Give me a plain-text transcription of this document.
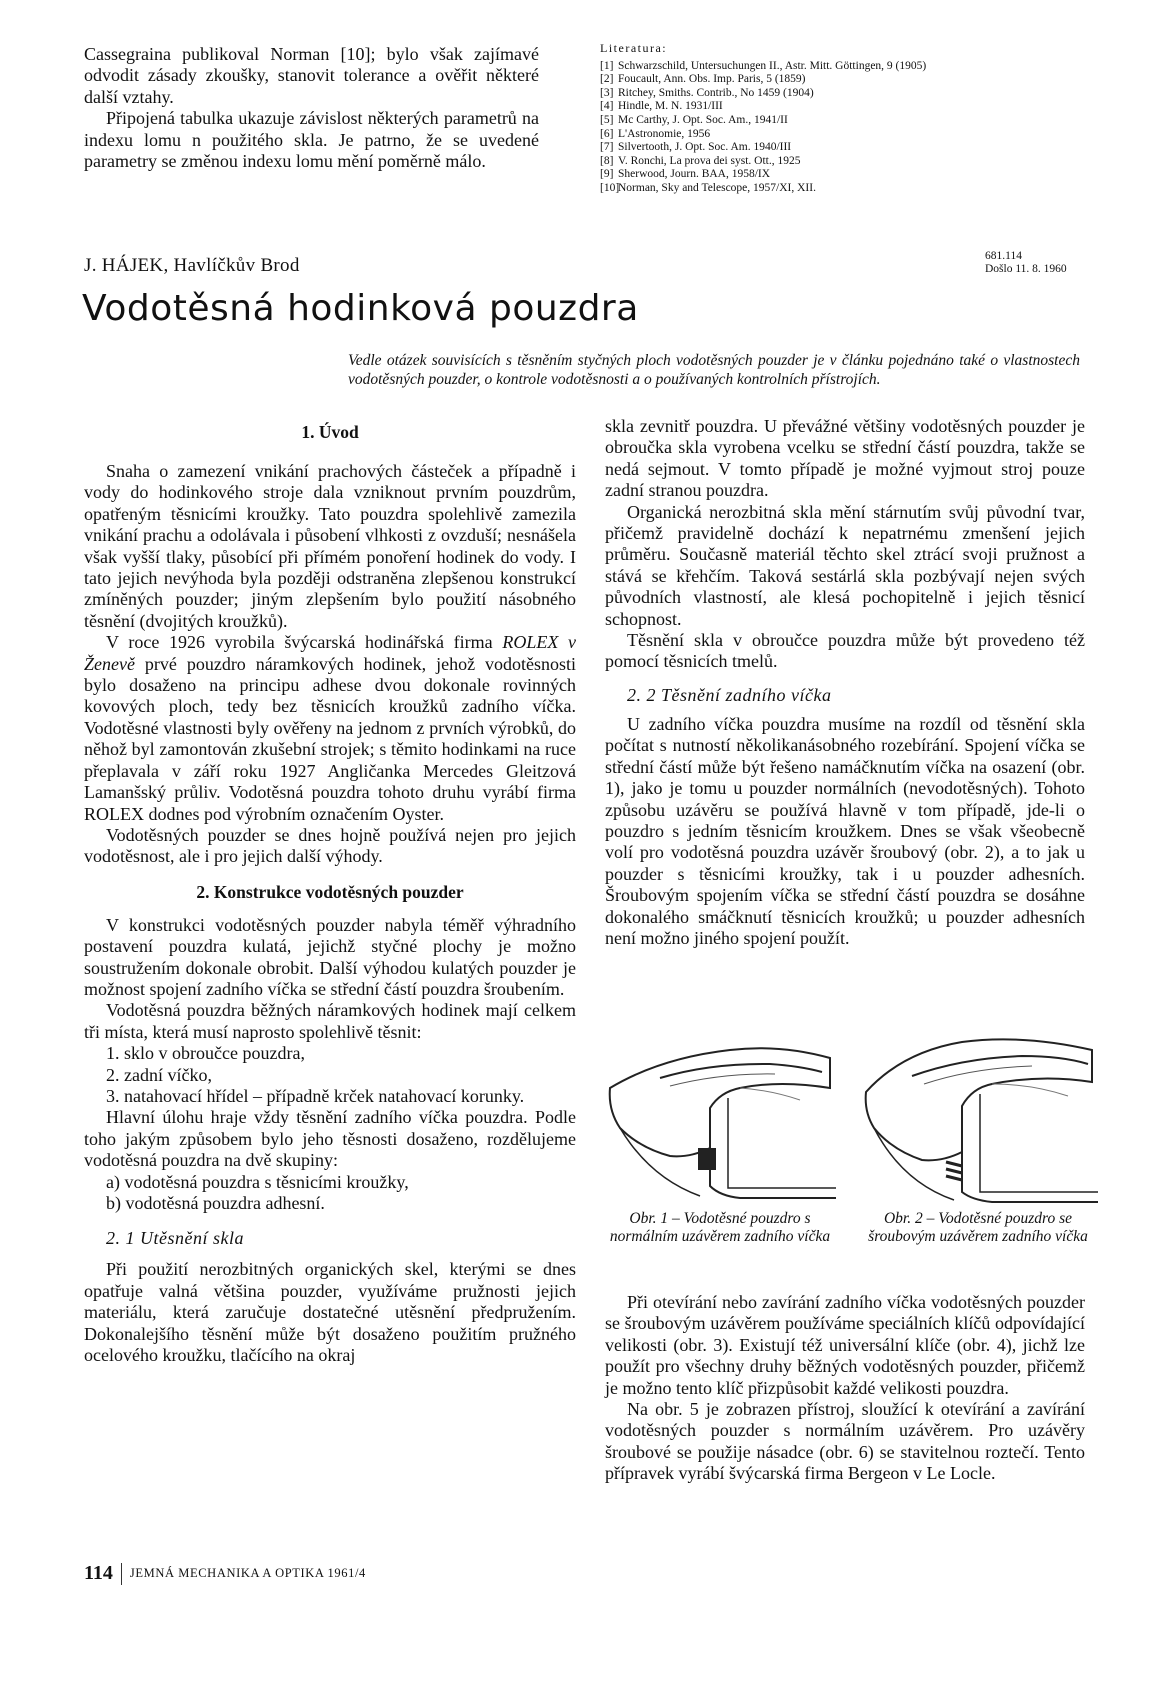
Cassegraina publikoval Norman [10]; bylo však zajímavé odvodit zásady zkoušky, stanovit tolerance a ověřit některé další vztahy.

Připojená tabulka ukazuje závislost některých parametrů na indexu lomu n použitého skla. Je patrno, že se uvedené parametry se změnou indexu lomu mění poměrně málo.

Literatura:
[1] Schwarzschild, Untersuchungen II., Astr. Mitt. Göttingen, 9 (1905)
[2] Foucault, Ann. Obs. Imp. Paris, 5 (1859)
[3] Ritchey, Smiths. Contrib., No 1459 (1904)
[4] Hindle, M. N. 1931/III
[5] Mc Carthy, J. Opt. Soc. Am., 1941/II
[6] L'Astronomie, 1956
[7] Silvertooth, J. Opt. Soc. Am. 1940/III
[8] V. Ronchi, La prova dei syst. Ott., 1925
[9] Sherwood, Journ. BAA, 1958/IX
[10]
Norman, Sky and Telescope, 1957/XI, XII.
J. HÁJEK, Havlíčkův Brod	681.114
Došlo 11. 8. 1960
Vodotěsná hodinková pouzdra
Vedle otázek souvisících s těsněním styčných ploch vodotěsných pouzder je v článku pojednáno také o vlastnostech vodotěsných pouzder, o kontrole vodotěsnosti a o používaných kontrolních přístrojích.
1. Úvod

Snaha o zamezení vnikání prachových částeček a případně i vody do hodinkového stroje dala vzniknout prvním pouzdrům, opatřeným těsnicími kroužky. Tato pouzdra spolehlivě zamezila vnikání prachu a odolávala i působení vlhkosti z ovzduší; nesnášela však vyšší tlaky, působící při přímém ponoření hodinek do vody. I tato jejich nevýhoda byla později odstraněna zlepšenou konstrukcí zmíněných pouzder; jiným zlepšením bylo použití násobného těsnění (dvojitých kroužků).

V roce 1926 vyrobila švýcarská hodinářská firma ROLEX v Ženevě prvé pouzdro náramkových hodinek, jehož vodotěsnosti bylo dosaženo na principu adhese dvou dokonale rovinných kovových ploch, tedy bez těsnicích kroužků zadního víčka. Vodotěsné vlastnosti byly ověřeny na jednom z prvních výrobků, do něhož byl zamontován zkušební strojek; s těmito hodinkami na ruce přeplavala v září roku 1927 Angličanka Mercedes Gleitzová Lamanšský průliv. Vodotěsná pouzdra tohoto druhu vyrábí firma ROLEX dodnes pod výrobním označením Oyster.

Vodotěsných pouzder se dnes hojně používá nejen pro jejich vodotěsnost, ale i pro jejich další výhody.

2. Konstrukce vodotěsných pouzder

V konstrukci vodotěsných pouzder nabyla téměř výhradního postavení pouzdra kulatá, jejichž styčné plochy je možno soustružením dokonale obrobit. Další výhodou kulatých pouzder je možnost spojení zadního víčka se střední částí pouzdra šroubením.

Vodotěsná pouzdra běžných náramkových hodinek mají celkem tři místa, která musí naprosto spolehlivě těsnit:

1. sklo v obroučce pouzdra,
2. zadní víčko,
3. natahovací hřídel – případně krček natahovací korunky.

Hlavní úlohu hraje vždy těsnění zadního víčka pouzdra. Podle toho jakým způsobem bylo jeho těsnosti dosaženo, rozdělujeme vodotěsná pouzdra na dvě skupiny:

a) vodotěsná pouzdra s těsnicími kroužky,
b) vodotěsná pouzdra adhesní.
2. 1 Utěsnění skla

Při použití nerozbitných organických skel, kterými se dnes opatřuje valná většina pouzder, využíváme pružnosti jejich materiálu, která zaručuje dostatečné utěsnění předpružením. Dokonalejšího těsnění může být dosaženo použitím pružného ocelového kroužku, tlačícího na okraj

skla zevnitř pouzdra. U převážné většiny vodotěsných pouzder je obroučka skla vyrobena vcelku se střední částí pouzdra, takže se nedá sejmout. V tomto případě je možné vyjmout stroj pouze zadní stranou pouzdra.

Organická nerozbitná skla mění stárnutím svůj původní tvar, přičemž pravidelně dochází k nepatrnému zmenšení jejich průměru. Současně materiál těchto skel ztrácí svoji pružnost a stává se křehčím. Taková sestárlá skla pozbývají nejen svých původních vlastností, ale klesá pochopitelně i jejich těsnicí schopnost.

Těsnění skla v obroučce pouzdra může být provedeno též pomocí těsnicích tmelů.

2. 2 Těsnění zadního víčka

U zadního víčka pouzdra musíme na rozdíl od těsnění skla počítat s nutností několikanásobného rozebírání. Spojení víčka se střední částí může být řešeno namáčknutím víčka na osazení (obr. 1), jako je tomu u pouzder normálních (nevodotěsných). Tohoto způsobu uzávěru se používá hlavně v tom případě, jde-li o pouzdro s jedním těsnicím kroužkem. Dnes se však všeobecně volí pro vodotěsná pouzdra uzávěr šroubový (obr. 2), a to jak u pouzder s těsnicími kroužky, tak i u pouzder adhesních. Šroubovým spojením víčka se střední částí pouzdra se dosáhne dokonalého smáčknutí těsnicích kroužků; u pouzder adhesních není možno jiného spojení použít.

Obr. 1 – Vodotěsné pouzdro s normálním uzávěrem zadního víčka
Obr. 2 – Vodotěsné pouzdro se šroubovým uzávěrem zadního víčka

Při otevírání nebo zavírání zadního víčka vodotěsných pouzder se šroubovým uzávěrem používáme speciálních klíčů odpovídající velikosti (obr. 3). Existují též universální klíče (obr. 4), jichž lze použít pro všechny druhy běžných vodotěsných pouzder, přičemž je možno tento klíč přizpůsobit každé velikosti pouzdra.

Na obr. 5 je zobrazen přístroj, sloužící k otevírání a zavírání vodotěsných pouzder s normálním uzávěrem. Pro uzávěry šroubové se použije násadce (obr. 6) se stavitelnou roztečí. Tento přípravek vyrábí švýcarská firma Bergeon v Le Locle.

114 JEMNÁ MECHANIKA A OPTIKA 1961/4
